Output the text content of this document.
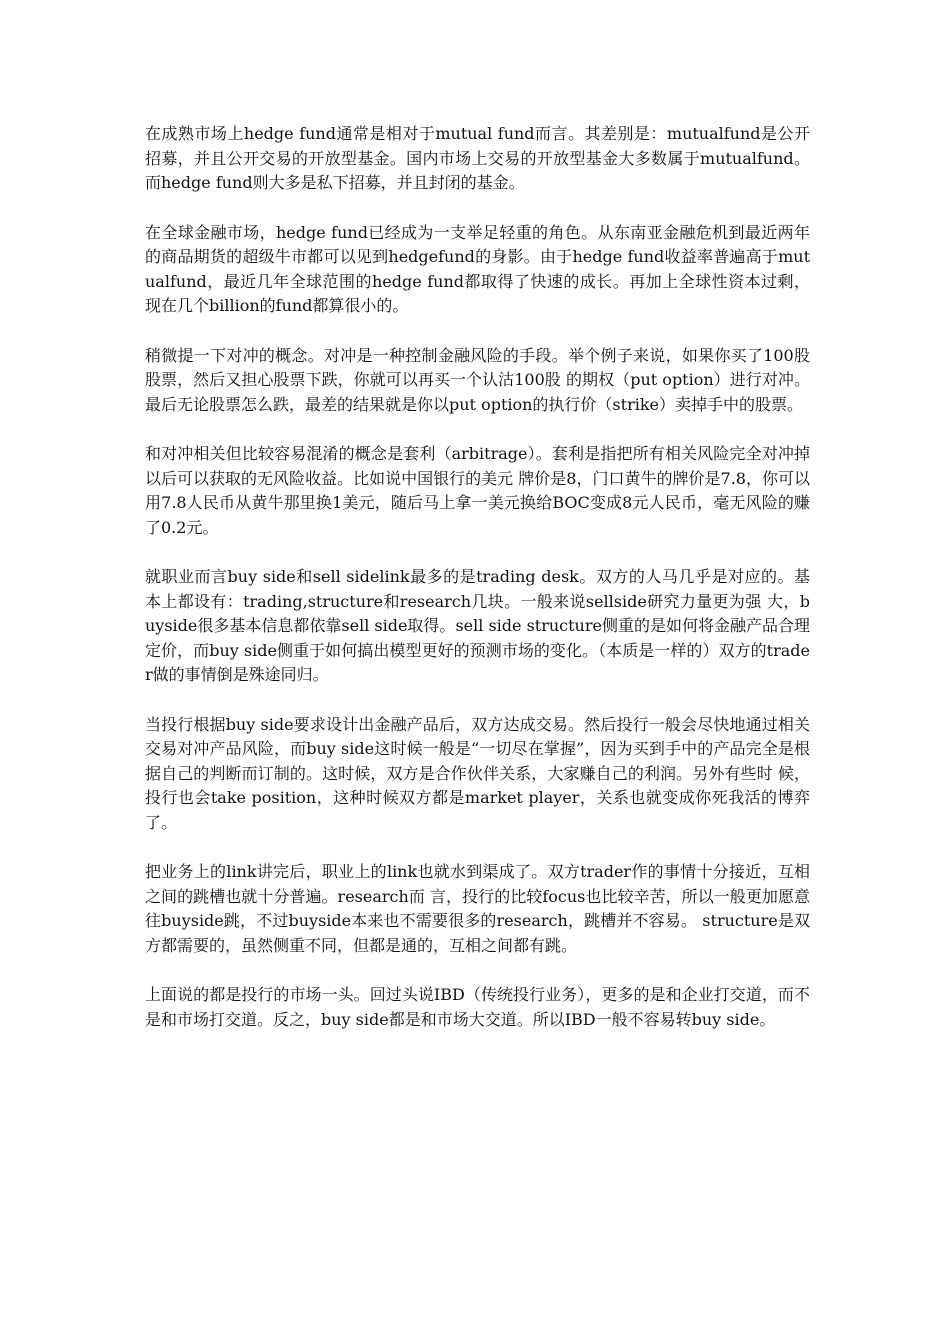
在成熟市场上hedge fund通常是相对于mutual fund而言。其差别是：mutualfund是公开招募，并且公开交易的开放型基金。国内市场上交易的开放型基金大多数属于mutualfund。而hedge fund则大多是私下招募，并且封闭的基金。

在全球金融市场，hedge fund已经成为一支举足轻重的角色。从东南亚金融危机到最近两年的商品期货的超级牛市都可以见到hedgefund的身影。由于hedge fund收益率普遍高于mutualfund，最近几年全球范围的hedge fund都取得了快速的成长。再加上全球性资本过剩，现在几个billion的fund都算很小的。

稍微提一下对冲的概念。对冲是一种控制金融风险的手段。举个例子来说，如果你买了100股股票，然后又担心股票下跌，你就可以再买一个认沽100股 的期权（put option）进行对冲。最后无论股票怎么跌，最差的结果就是你以put option的执行价（strike）卖掉手中的股票。

和对冲相关但比较容易混淆的概念是套利（arbitrage）。套利是指把所有相关风险完全对冲掉以后可以获取的无风险收益。比如说中国银行的美元 牌价是8，门口黄牛的牌价是7.8，你可以用7.8人民币从黄牛那里换1美元，随后马上拿一美元换给BOC变成8元人民币，毫无风险的赚了0.2元。

就职业而言buy side和sell sidelink最多的是trading desk。双方的人马几乎是对应的。基本上都设有：trading,structure和research几块。一般来说sellside研究力量更为强 大，buyside很多基本信息都依靠sell side取得。sell side structure侧重的是如何将金融产品合理定价，而buy side侧重于如何搞出模型更好的预测市场的变化。（本质是一样的）双方的trader做的事情倒是殊途同归。

当投行根据buy side要求设计出金融产品后，双方达成交易。然后投行一般会尽快地通过相关交易对冲产品风险，而buy side这时候一般是“一切尽在掌握”，因为买到手中的产品完全是根据自己的判断而订制的。这时候，双方是合作伙伴关系，大家赚自己的利润。另外有些时 候，投行也会take position，这种时候双方都是market player，关系也就变成你死我活的博弈了。

把业务上的link讲完后，职业上的link也就水到渠成了。双方trader作的事情十分接近，互相之间的跳槽也就十分普遍。research而 言，投行的比较focus也比较辛苦，所以一般更加愿意往buyside跳，不过buyside本来也不需要很多的research，跳槽并不容易。 structure是双方都需要的，虽然侧重不同，但都是通的，互相之间都有跳。

上面说的都是投行的市场一头。回过头说IBD（传统投行业务），更多的是和企业打交道，而不是和市场打交道。反之，buy side都是和市场大交道。所以IBD一般不容易转buy side。
